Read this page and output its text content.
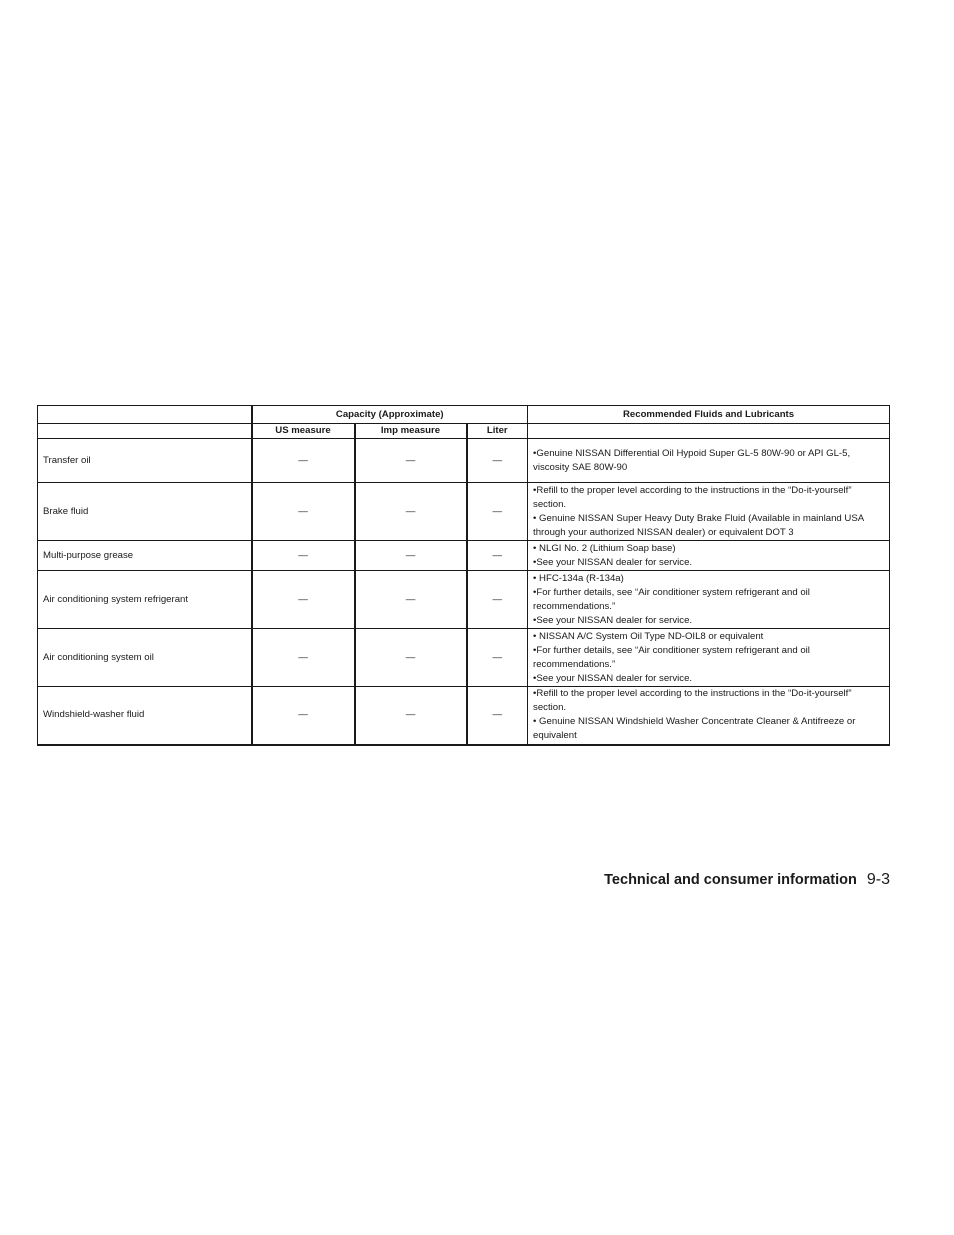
	Capacity (Approximate)			Recommended Fluids and Lubricants
	US measure	Imp measure	Liter	
Transfer oil	—	—	—	•Genuine NISSAN Differential Oil Hypoid Super GL-5 80W-90 or API GL-5, viscosity SAE 80W-90

Brake fluid	—	—	—	•Refill to the proper level according to the instructions in the “Do-it-yourself” section.
• Genuine NISSAN Super Heavy Duty Brake Fluid (Available in mainland USA through your authorized NISSAN dealer) or equivalent DOT 3

Multi-purpose grease	—	—	—	• NLGI No. 2 (Lithium Soap base)
•See your NISSAN dealer for service.

Air conditioning system refrigerant	—	—	—	• HFC-134a (R-134a)
•For further details, see “Air conditioner system refrigerant and oil recommendations.”
•See your NISSAN dealer for service.

Air conditioning system oil	—	—	—	• NISSAN A/C System Oil Type ND-OIL8 or equivalent
•For further details, see “Air conditioner system refrigerant and oil recommendations.”
•See your NISSAN dealer for service.

Windshield-washer fluid	—	—	—	•Refill to the proper level according to the instructions in the “Do-it-yourself” section.
• Genuine NISSAN Windshield Washer Concentrate Cleaner & Antifreeze or equivalent
Technical and consumer information 9-3
